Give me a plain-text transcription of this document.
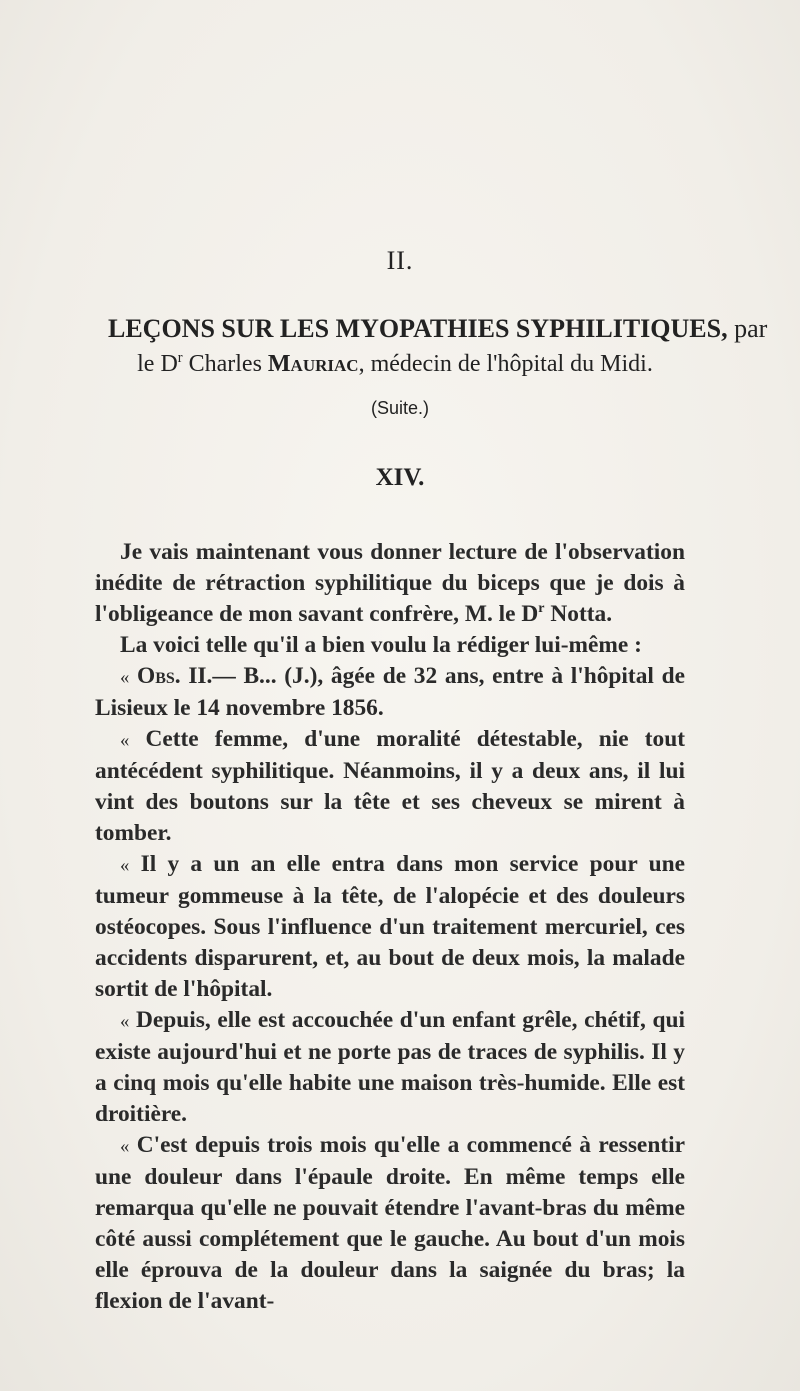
II.
LEÇONS SUR LES MYOPATHIES SYPHILITIQUES, par
le $D^r$ Charles Mauriac, médecin de l'hôpital du Midi.
(Suite.)
XIV.

Je vais maintenant vous donner lecture de l'observation inédite de rétraction syphilitique du biceps que je dois à l'obligeance de mon savant confrère, M. le $D^r$ Notta.

La voici telle qu'il a bien voulu la rédiger lui-même :

« Obs. II.— B... (J.), âgée de 32 ans, entre à l'hôpital de Lisieux le 14 novembre 1856.

« Cette femme, d'une moralité détestable, nie tout antécédent syphilitique. Néanmoins, il y a deux ans, il lui vint des boutons sur la tête et ses cheveux se mirent à tomber.

« Il y a un an elle entra dans mon service pour une tumeur gommeuse à la tête, de l'alopécie et des douleurs ostéocopes. Sous l'influence d'un traitement mercuriel, ces accidents disparurent, et, au bout de deux mois, la malade sortit de l'hôpital.

« Depuis, elle est accouchée d'un enfant grêle, chétif, qui existe aujourd'hui et ne porte pas de traces de syphilis. Il y a cinq mois qu'elle habite une maison très-humide. Elle est droitière.

« C'est depuis trois mois qu'elle a commencé à ressentir une douleur dans l'épaule droite. En même temps elle remarqua qu'elle ne pouvait étendre l'avant-bras du même côté aussi complétement que le gauche. Au bout d'un mois elle éprouva de la douleur dans la saignée du bras; la flexion de l'avant-
